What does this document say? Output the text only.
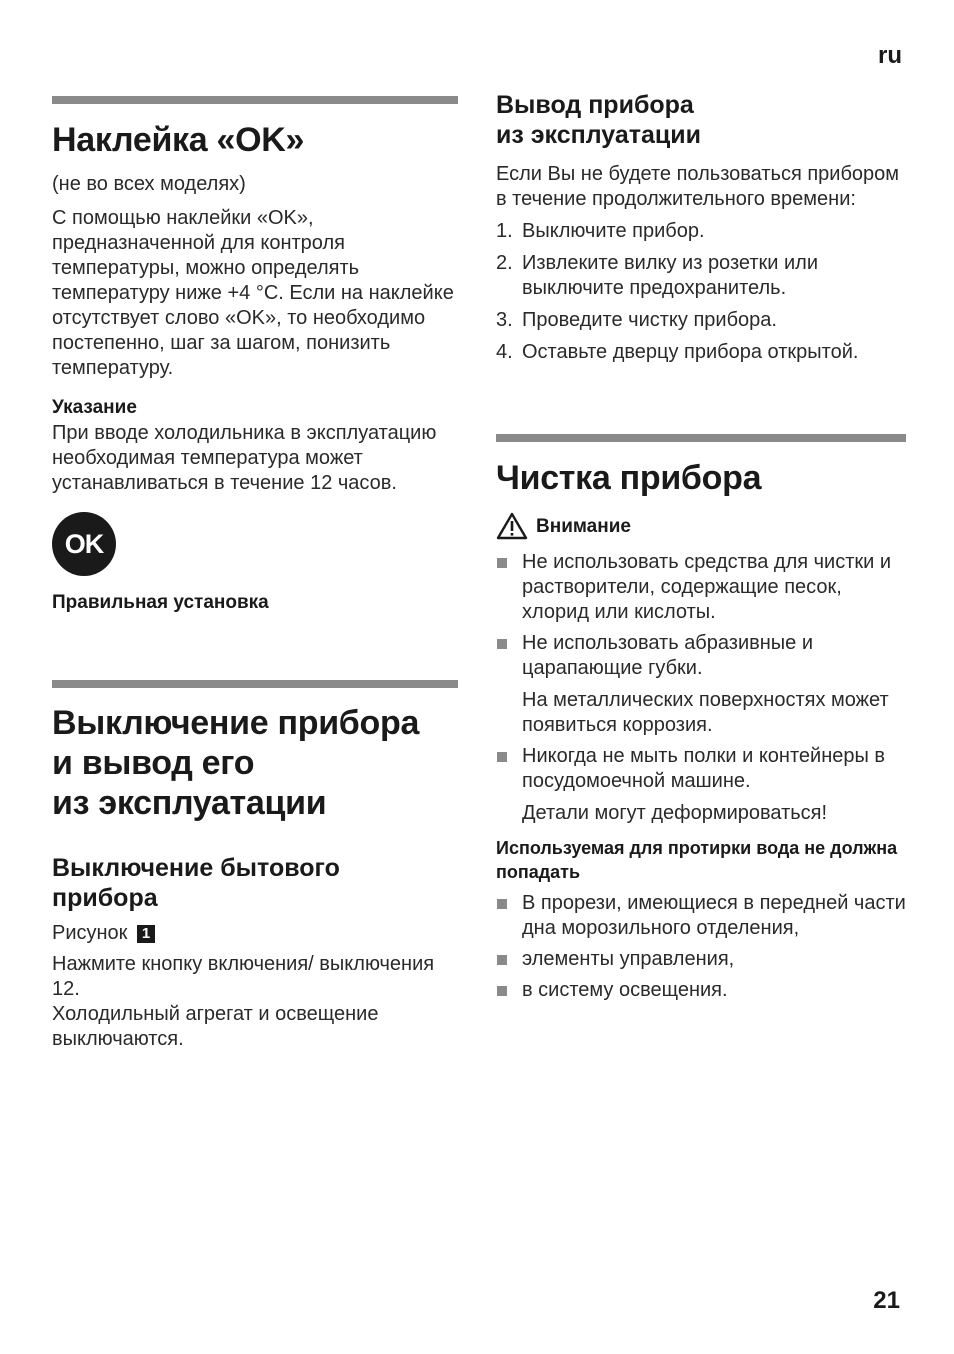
ru
Наклейка «OK»

(не во всех моделях)

С помощью наклейки «OK», предназначенной для контроля температуры, можно определять температуру ниже +4 °C. Если на наклейке отсутствует слово «OK», то необходимо постепенно, шаг за шагом, понизить температуру.

Указание

При вводе холодильника в эксплуатацию необходимая температура может устанавливаться в течение 12 часов.

OK
Правильная установка
Выключение прибора
и вывод его
из эксплуатации
Выключение бытового
прибора

Рисунок 1

Нажмите кнопку включения/ выключения 12.

Холодильный агрегат и освещение выключаются.

Вывод прибора
из эксплуатации

Если Вы не будете пользоваться прибором в течение продолжительного времени:

1. Выключите прибор.
2. Извлеките вилку из розетки или выключите предохранитель.
3. Проведите чистку прибора.
4. Оставьте дверцу прибора открытой.
Чистка прибора
Внимание
Не использовать средства для чистки и растворители, содержащие песок, хлорид или кислоты.
Не использовать абразивные и царапающие губки.

На металлических поверхностях может появиться коррозия.

Никогда не мыть полки и контейнеры в посудомоечной машине.

Детали могут деформироваться!

Используемая для протирки вода не должна попадать
В прорези, имеющиеся в передней части дна морозильного отделения,
элементы управления,
в систему освещения.
21
